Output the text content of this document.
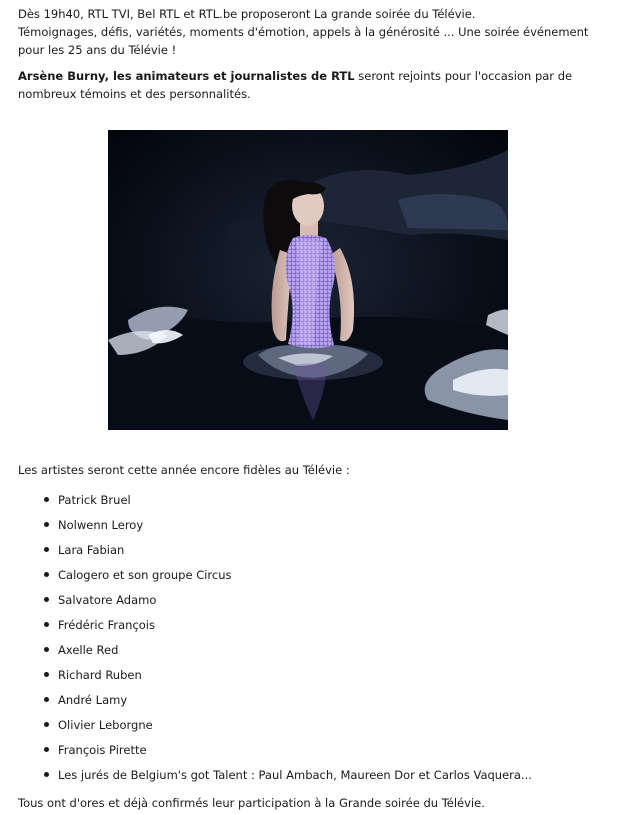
Dès 19h40, RTL TVI, Bel RTL et RTL.be proposeront La grande soirée du Télévie.
Témoignages, défis, variétés, moments d'émotion, appels à la générosité ... Une soirée événement pour les 25 ans du Télévie !

Arsène Burny, les animateurs et journalistes de RTL seront rejoints pour l'occasion par de nombreux témoins et des personnalités.

Les artistes seront cette année encore fidèles au Télévie :

Patrick Bruel
Nolwenn Leroy
Lara Fabian
Calogero et son groupe Circus
Salvatore Adamo
Frédéric François
Axelle Red
Richard Ruben
André Lamy
Olivier Leborgne
François Pirette
Les jurés de Belgium's got Talent : Paul Ambach, Maureen Dor et Carlos Vaquera...

Tous ont d'ores et déjà confirmés leur participation à la Grande soirée du Télévie.
